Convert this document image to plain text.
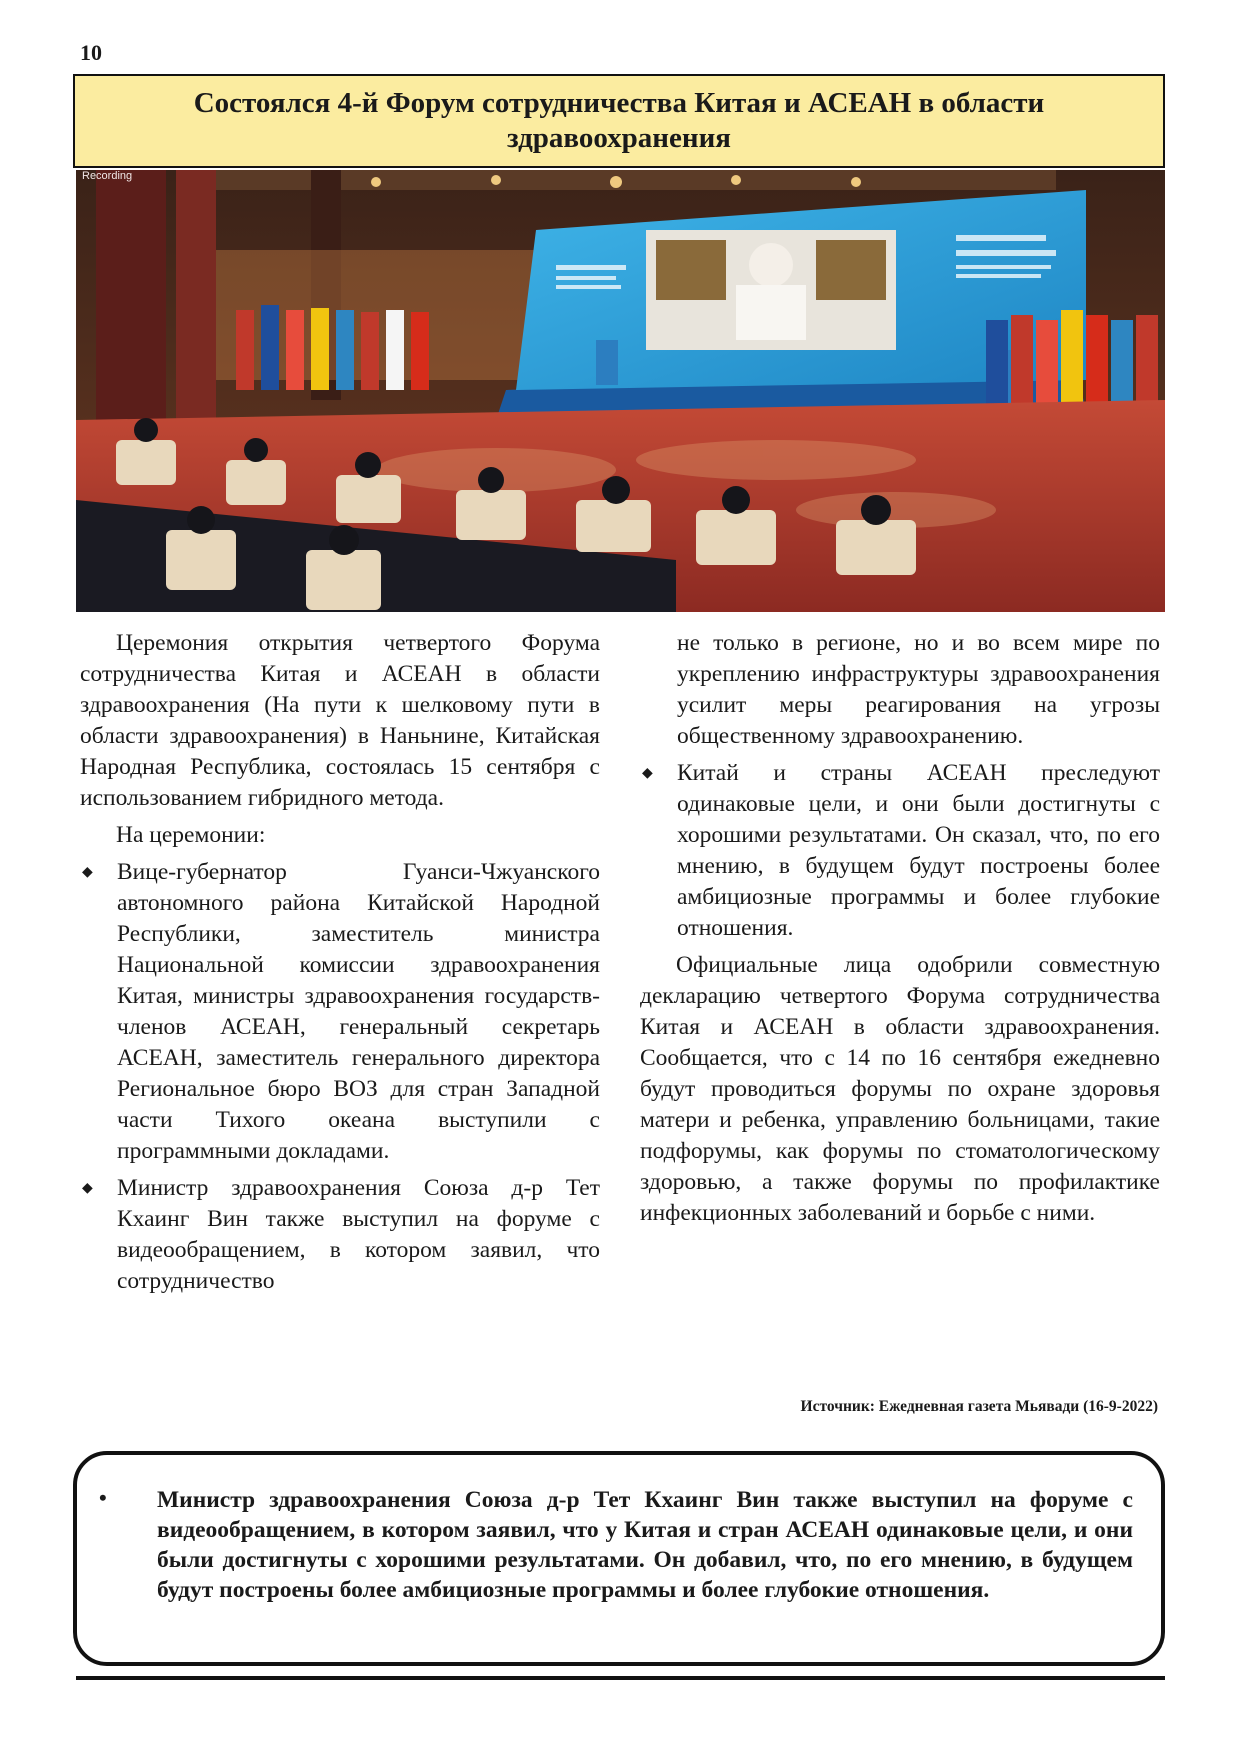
10
Состоялся 4-й Форум сотрудничества Китая и АСЕАН в области здравоохранения
Recording

Церемония открытия четвертого Форума сотрудничества Китая и АСЕАН в области здравоохранения (На пути к шелковому пути в области здравоохранения) в Наньнине, Китайская Народная Республика, состоялась 15 сентября с использованием гибридного метода.

На церемонии:

◆ Вице-губернатор Гуанси-Чжуанского автономного района Китайской Народной Республики, заместитель министра Национальной комиссии здравоохранения Китая, министры здравоохранения государств-членов АСЕАН, генеральный секретарь АСЕАН, заместитель генерального директора Региональное бюро ВОЗ для стран Западной части Тихого океана выступили с программными докладами.
◆ Министр здравоохранения Союза д-р Тет Кхаинг Вин также выступил на форуме с видеообращением, в котором заявил, что сотрудничество

не только в регионе, но и во всем мире по укреплению инфраструктуры здравоохранения усилит меры реагирования на угрозы общественному здравоохранению.

◆ Китай и страны АСЕАН преследуют одинаковые цели, и они были достигнуты с хорошими результатами. Он сказал, что, по его мнению, в будущем будут построены более амбициозные программы и более глубокие отношения.

Официальные лица одобрили совместную декларацию четвертого Форума сотрудничества Китая и АСЕАН в области здравоохранения. Сообщается, что с 14 по 16 сентября ежедневно будут проводиться форумы по охране здоровья матери и ребенка, управлению больницами, такие подфорумы, как форумы по стоматологическому здоровью, а также форумы по профилактике инфекционных заболеваний и борьбе с ними.

Источник: Ежедневная газета Мьявади (16-9-2022)
• Министр здравоохранения Союза д-р Тет Кхаинг Вин также выступил на форуме с видеообращением, в котором заявил, что у Китая и стран АСЕАН одинаковые цели, и они были достигнуты с хорошими результатами. Он добавил, что, по его мнению, в будущем будут построены более амбициозные программы и более глубокие отношения.
